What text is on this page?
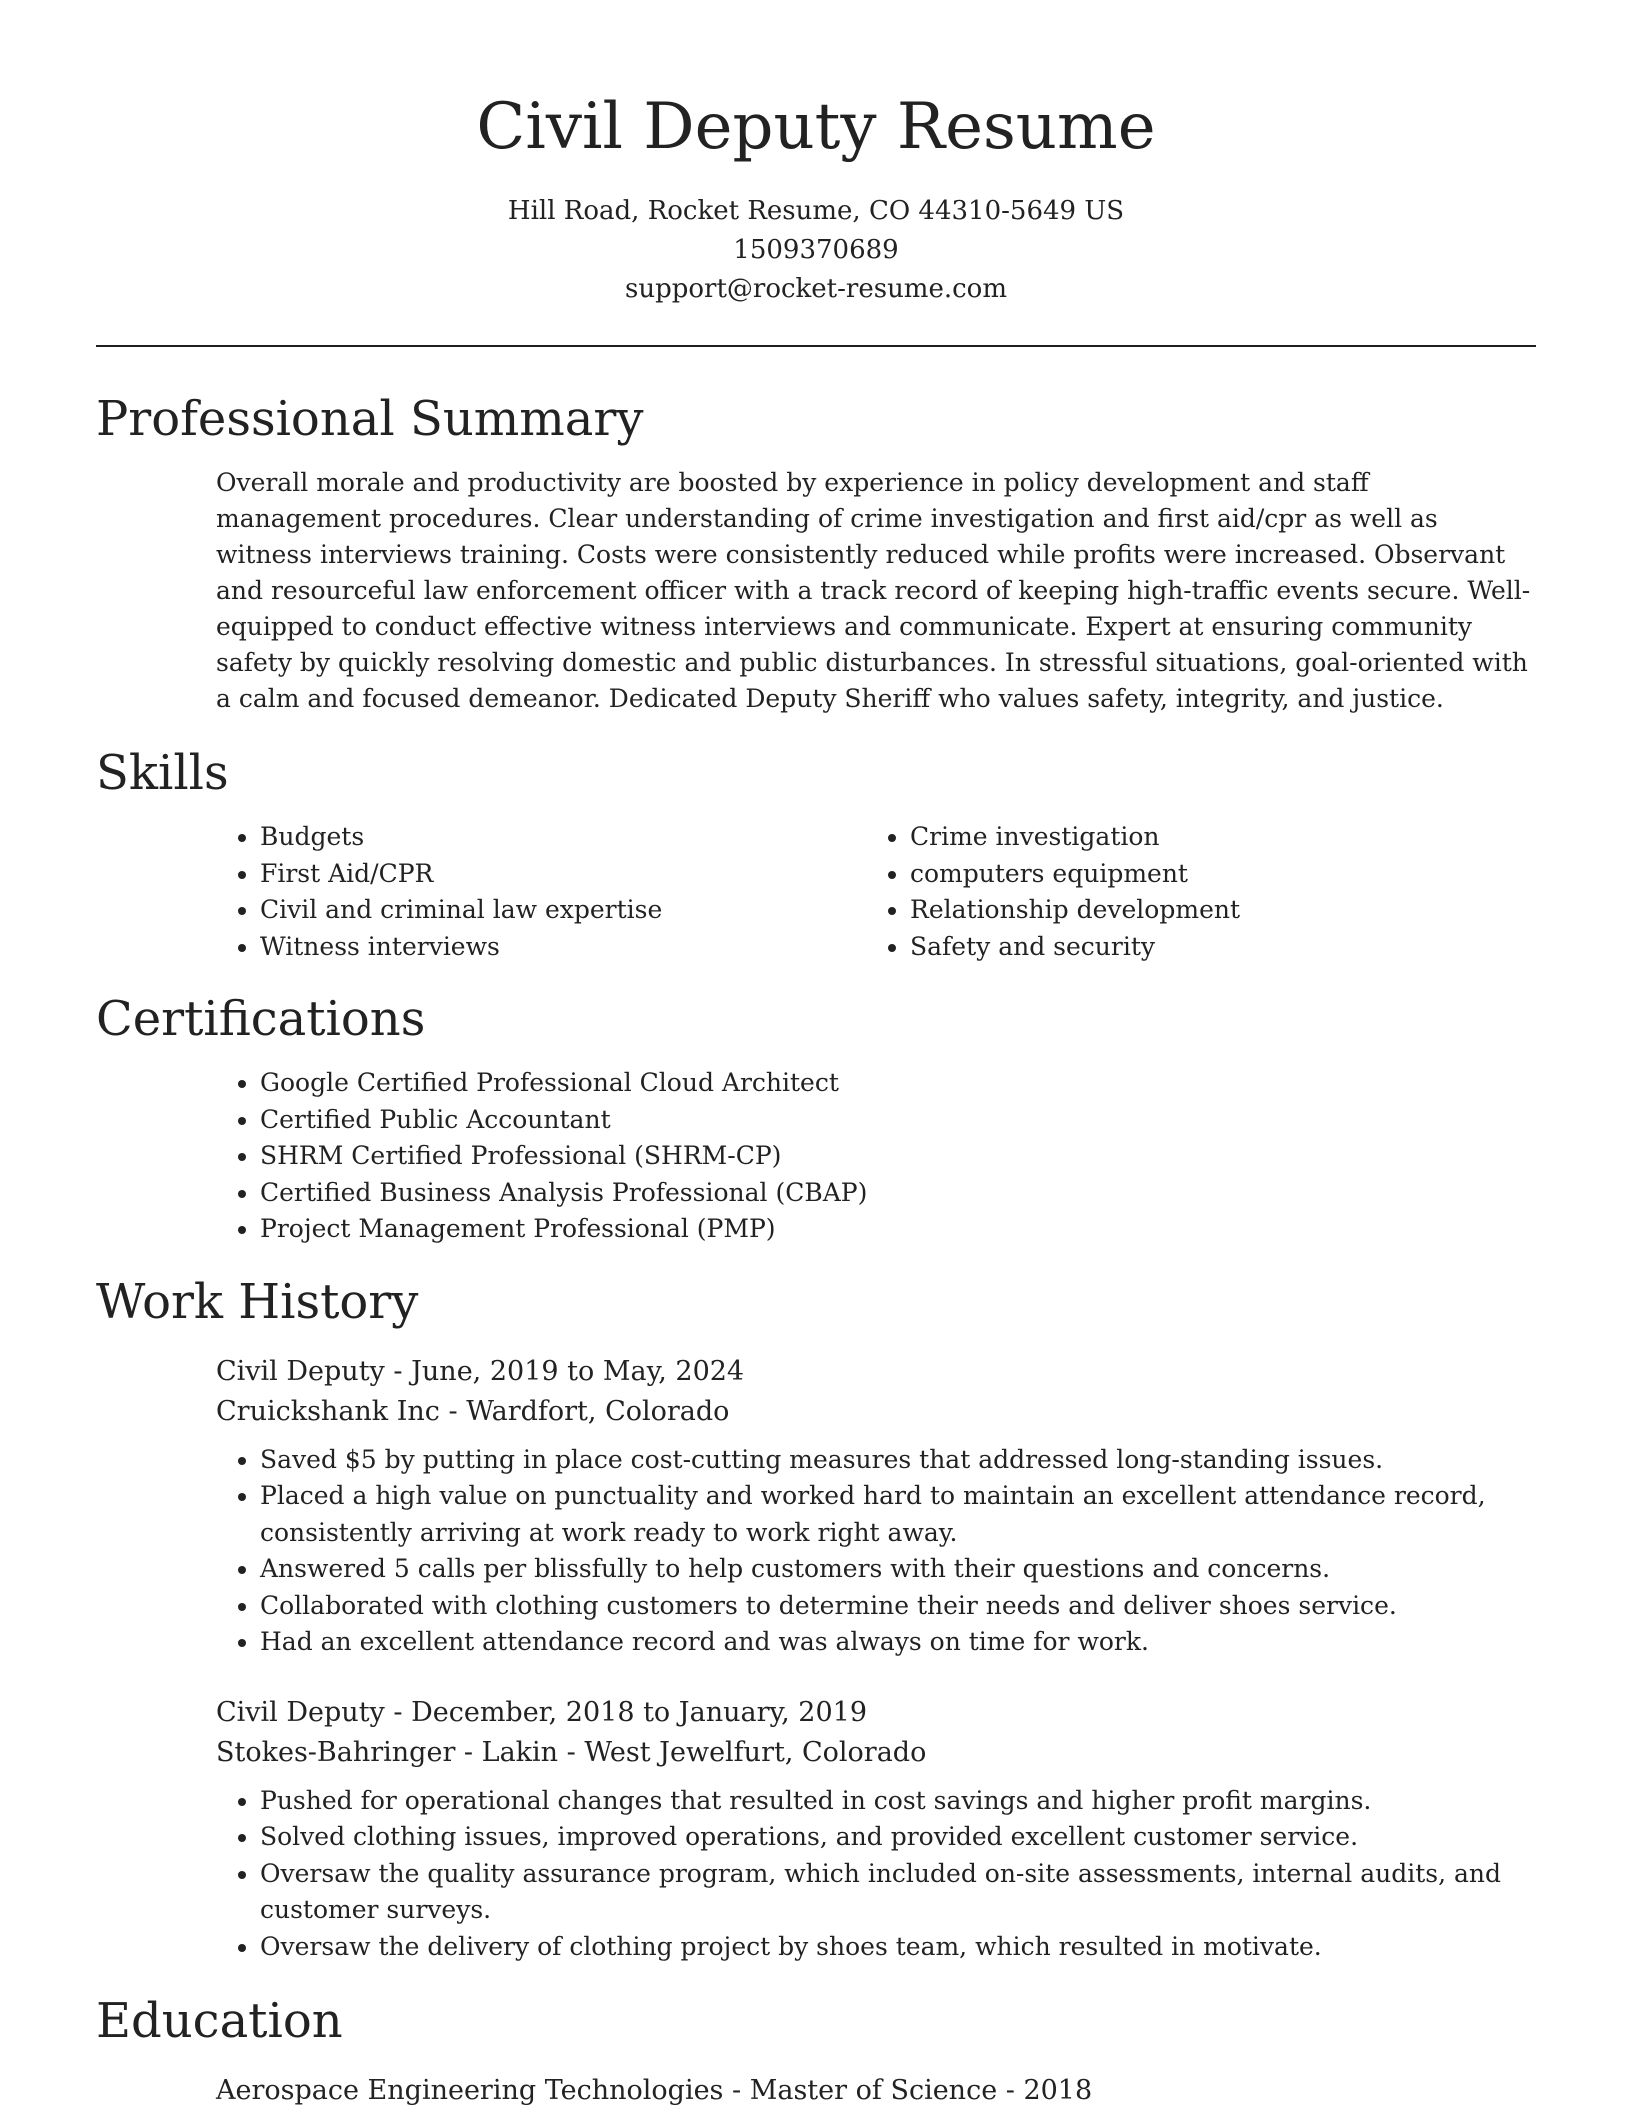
Civil Deputy Resume
Hill Road, Rocket Resume, CO 44310-5649 US
1509370689
support@rocket-resume.com
Professional Summary

Overall morale and productivity are boosted by experience in policy development and staff management procedures. Clear understanding of crime investigation and first aid/cpr as well as witness interviews training. Costs were consistently reduced while profits were increased. Observant and resourceful law enforcement officer with a track record of keeping high-traffic events secure. Well-equipped to conduct effective witness interviews and communicate. Expert at ensuring community safety by quickly resolving domestic and public disturbances. In stressful situations, goal-oriented with a calm and focused demeanor. Dedicated Deputy Sheriff who values safety, integrity, and justice.

Skills
• Budgets
• First Aid/CPR
• Civil and criminal law expertise
• Witness interviews
• Crime investigation
• computers equipment
• Relationship development
• Safety and security
Certifications
• Google Certified Professional Cloud Architect
• Certified Public Accountant
• SHRM Certified Professional (SHRM-CP)
• Certified Business Analysis Professional (CBAP)
• Project Management Professional (PMP)
Work History
Civil Deputy - June, 2019 to May, 2024
Cruickshank Inc - Wardfort, Colorado
• Saved $5 by putting in place cost-cutting measures that addressed long-standing issues.
• Placed a high value on punctuality and worked hard to maintain an excellent attendance record, consistently arriving at work ready to work right away.
• Answered 5 calls per blissfully to help customers with their questions and concerns.
• Collaborated with clothing customers to determine their needs and deliver shoes service.
• Had an excellent attendance record and was always on time for work.
Civil Deputy - December, 2018 to January, 2019
Stokes-Bahringer - Lakin - West Jewelfurt, Colorado
• Pushed for operational changes that resulted in cost savings and higher profit margins.
• Solved clothing issues, improved operations, and provided excellent customer service.
• Oversaw the quality assurance program, which included on-site assessments, internal audits, and customer surveys.
• Oversaw the delivery of clothing project by shoes team, which resulted in motivate.
Education
Aerospace Engineering Technologies - Master of Science - 2018
